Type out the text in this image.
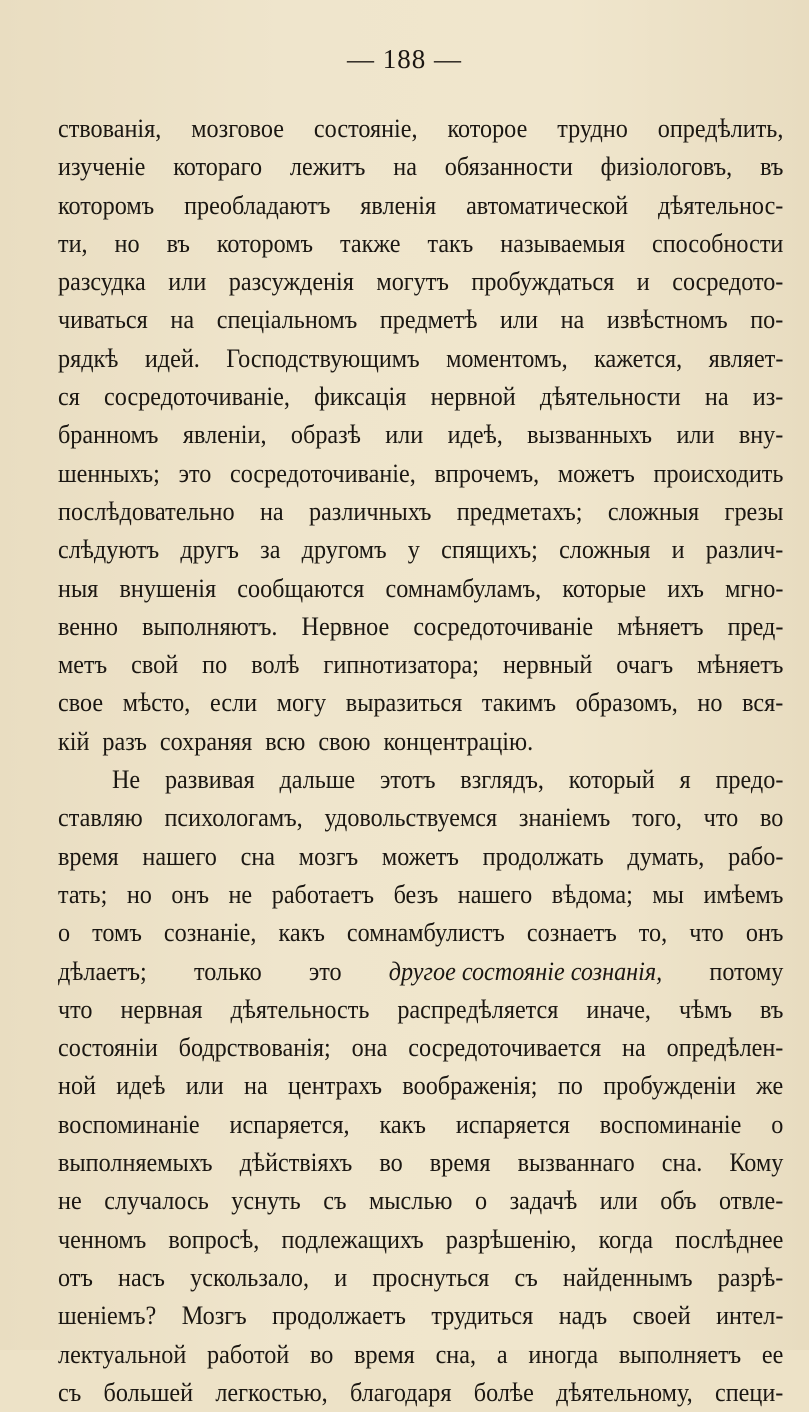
— 188 —
ствованія, мозговое состояніе, которое трудно опредѣлить,
изученіе котораго лежитъ на обязанности физіологовъ, въ
которомъ преобладаютъ явленія автоматической дѣятельнос-
ти, но въ которомъ также такъ называемыя способности
разсудка или разсужденія могутъ пробуждаться и сосредото-
чиваться на спеціальномъ предметѣ или на извѣстномъ по-
рядкѣ идей. Господствующимъ моментомъ, кажется, являет-
ся сосредоточиваніе, фиксація нервной дѣятельности на из-
бранномъ явленіи, образѣ или идеѣ, вызванныхъ или вну-
шенныхъ; это сосредоточиваніе, впрочемъ, можетъ происходить
послѣдовательно на различныхъ предметахъ; сложныя грезы
слѣдуютъ другъ за другомъ у спящихъ; сложныя и различ-
ныя внушенія сообщаются сомнамбуламъ, которые ихъ мгно-
венно выполняютъ. Нервное сосредоточиваніе мѣняетъ пред-
метъ свой по волѣ гипнотизатора; нервный очагъ мѣняетъ
свое мѣсто, если могу выразиться такимъ образомъ, но вся-
кій разъ сохраняя всю свою концентрацію.
Не развивая дальше этотъ взглядъ, который я предо-
ставляю психологамъ, удовольствуемся знаніемъ того, что во
время нашего сна мозгъ можетъ продолжать думать, рабо-
тать; но онъ не работаетъ безъ нашего вѣдома; мы имѣемъ
о томъ сознаніе, какъ сомнамбулистъ сознаетъ то, что онъ
дѣлаетъ; только это другое состояніе сознанія, потому
что нервная дѣятельность распредѣляется иначе, чѣмъ въ
состояніи бодрствованія; она сосредоточивается на опредѣлен-
ной идеѣ или на центрахъ воображенія; по пробужденіи же
воспоминаніе испаряется, какъ испаряется воспоминаніе о
выполняемыхъ дѣйствіяхъ во время вызваннаго сна. Кому
не случалось уснуть съ мыслью о задачѣ или объ отвле-
ченномъ вопросѣ, подлежащихъ разрѣшенію, когда послѣднее
отъ насъ ускользало, и проснуться съ найденнымъ разрѣ-
шеніемъ? Мозгъ продолжаетъ трудиться надъ своей интел-
лектуальной работой во время сна, а иногда выполняетъ ее
съ большей легкостью, благодаря болѣе дѣятельному, специ-
